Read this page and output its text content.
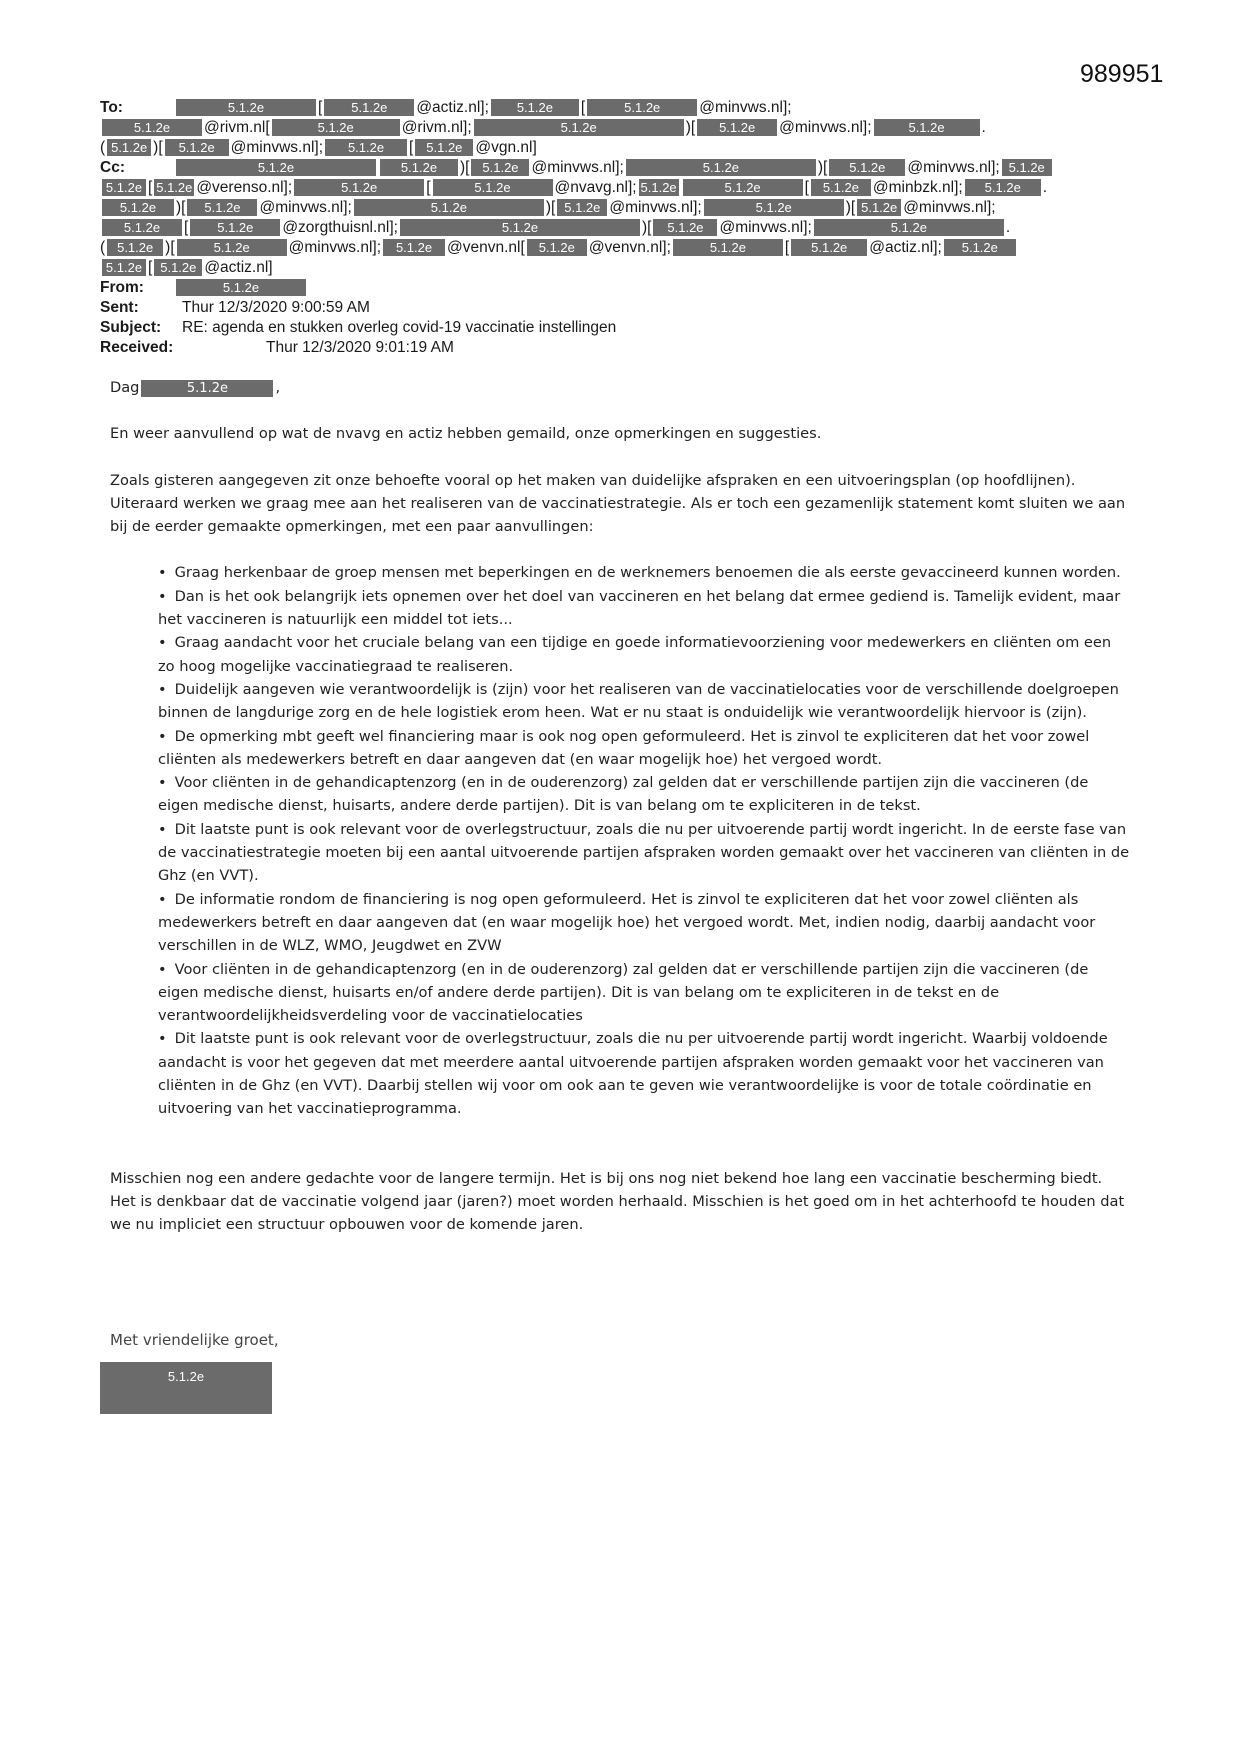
989951
To:	5.1.2e	[ 5.1.2e @actiz.nl]; 5.1.2e [	5.1.2e	@minvws.nl];
5.1.2e @rivm.nl[	5.1.2e	@rivm.nl];	5.1.2e	)[ 5.1.2e @minvws.nl];	5.1.2e .
( 5.1.2e )[ 5.1.2e @minvws.nl]; 5.1.2e [ 5.1.2e @vgn.nl]
Cc:	5.1.2e	5.1.2e )[ 5.1.2e @minvws.nl];	5.1.2e	)[ 5.1.2e @minvws.nl]; 5.1.2e
5.1.2e [ 5.1.2e @verenso.nl];	5.1.2e	[	5.1.2e	@nvavg.nl]; 5.1.2e	5.1.2e	[ 5.1.2e @minbzk.nl]; 5.1.2e .
5.1.2e )[ 5.1.2e @minvws.nl];	5.1.2e	)[ 5.1.2e @minvws.nl];	5.1.2e	)[ 5.1.2e @minvws.nl];
5.1.2e [ 5.1.2e @zorgthuisnl.nl];	5.1.2e	)[ 5.1.2e @minvws.nl];	5.1.2e	.
( 5.1.2e )[	5.1.2e	@minvws.nl]; 5.1.2e @venvn.nl[ 5.1.2e @venvn.nl];	5.1.2e	[ 5.1.2e @actiz.nl]; 5.1.2e
5.1.2e [ 5.1.2e @actiz.nl]
From:	5.1.2e
Sent:	Thur 12/3/2020 9:00:59 AM
Subject: RE: agenda en stukken overleg covid-19 vaccinatie instellingen
Received:	Thur 12/3/2020 9:01:19 AM

Dag	5.1.2e	,

En weer aanvullend op wat de nvavg en actiz hebben gemaild, onze opmerkingen en suggesties.

Zoals gisteren aangegeven zit onze behoefte vooral op het maken van duidelijke afspraken en een uitvoeringsplan (op hoofdlijnen). Uiteraard werken we graag mee aan het realiseren van de vaccinatiestrategie. Als er toch een gezamenlijk statement komt sluiten we aan bij de eerder gemaakte opmerkingen, met een paar aanvullingen:

• Graag herkenbaar de groep mensen met beperkingen en de werknemers benoemen die als eerste gevaccineerd kunnen worden.
• Dan is het ook belangrijk iets opnemen over het doel van vaccineren en het belang dat ermee gediend is. Tamelijk evident, maar het vaccineren is natuurlijk een middel tot iets...
• Graag aandacht voor het cruciale belang van een tijdige en goede informatievoorziening voor medewerkers en cliënten om een zo hoog mogelijke vaccinatiegraad te realiseren.
• Duidelijk aangeven wie verantwoordelijk is (zijn) voor het realiseren van de vaccinatielocaties voor de verschillende doelgroepen binnen de langdurige zorg en de hele logistiek erom heen. Wat er nu staat is onduidelijk wie verantwoordelijk hiervoor is (zijn).
• De opmerking mbt geeft wel financiering maar is ook nog open geformuleerd. Het is zinvol te expliciteren dat het voor zowel cliënten als medewerkers betreft en daar aangeven dat (en waar mogelijk hoe) het vergoed wordt.
• Voor cliënten in de gehandicaptenzorg (en in de ouderenzorg) zal gelden dat er verschillende partijen zijn die vaccineren (de eigen medische dienst, huisarts, andere derde partijen). Dit is van belang om te expliciteren in de tekst.
• Dit laatste punt is ook relevant voor de overlegstructuur, zoals die nu per uitvoerende partij wordt ingericht. In de eerste fase van de vaccinatiestrategie moeten bij een aantal uitvoerende partijen afspraken worden gemaakt over het vaccineren van cliënten in de Ghz (en VVT).
• De informatie rondom de financiering is nog open geformuleerd. Het is zinvol te expliciteren dat het voor zowel cliënten als medewerkers betreft en daar aangeven dat (en waar mogelijk hoe) het vergoed wordt. Met, indien nodig, daarbij aandacht voor verschillen in de WLZ, WMO, Jeugdwet en ZVW
• Voor cliënten in de gehandicaptenzorg (en in de ouderenzorg) zal gelden dat er verschillende partijen zijn die vaccineren (de eigen medische dienst, huisarts en/of andere derde partijen). Dit is van belang om te expliciteren in de tekst en de verantwoordelijkheidsverdeling voor de vaccinatielocaties
• Dit laatste punt is ook relevant voor de overlegstructuur, zoals die nu per uitvoerende partij wordt ingericht. Waarbij voldoende aandacht is voor het gegeven dat met meerdere aantal uitvoerende partijen afspraken worden gemaakt voor het vaccineren van cliënten in de Ghz (en VVT). Daarbij stellen wij voor om ook aan te geven wie verantwoordelijke is voor de totale coördinatie en uitvoering van het vaccinatieprogramma.

Misschien nog een andere gedachte voor de langere termijn. Het is bij ons nog niet bekend hoe lang een vaccinatie bescherming biedt. Het is denkbaar dat de vaccinatie volgend jaar (jaren?) moet worden herhaald. Misschien is het goed om in het achterhoofd te houden dat we nu impliciet een structuur opbouwen voor de komende jaren.

Met vriendelijke groet,
5.1.2e
